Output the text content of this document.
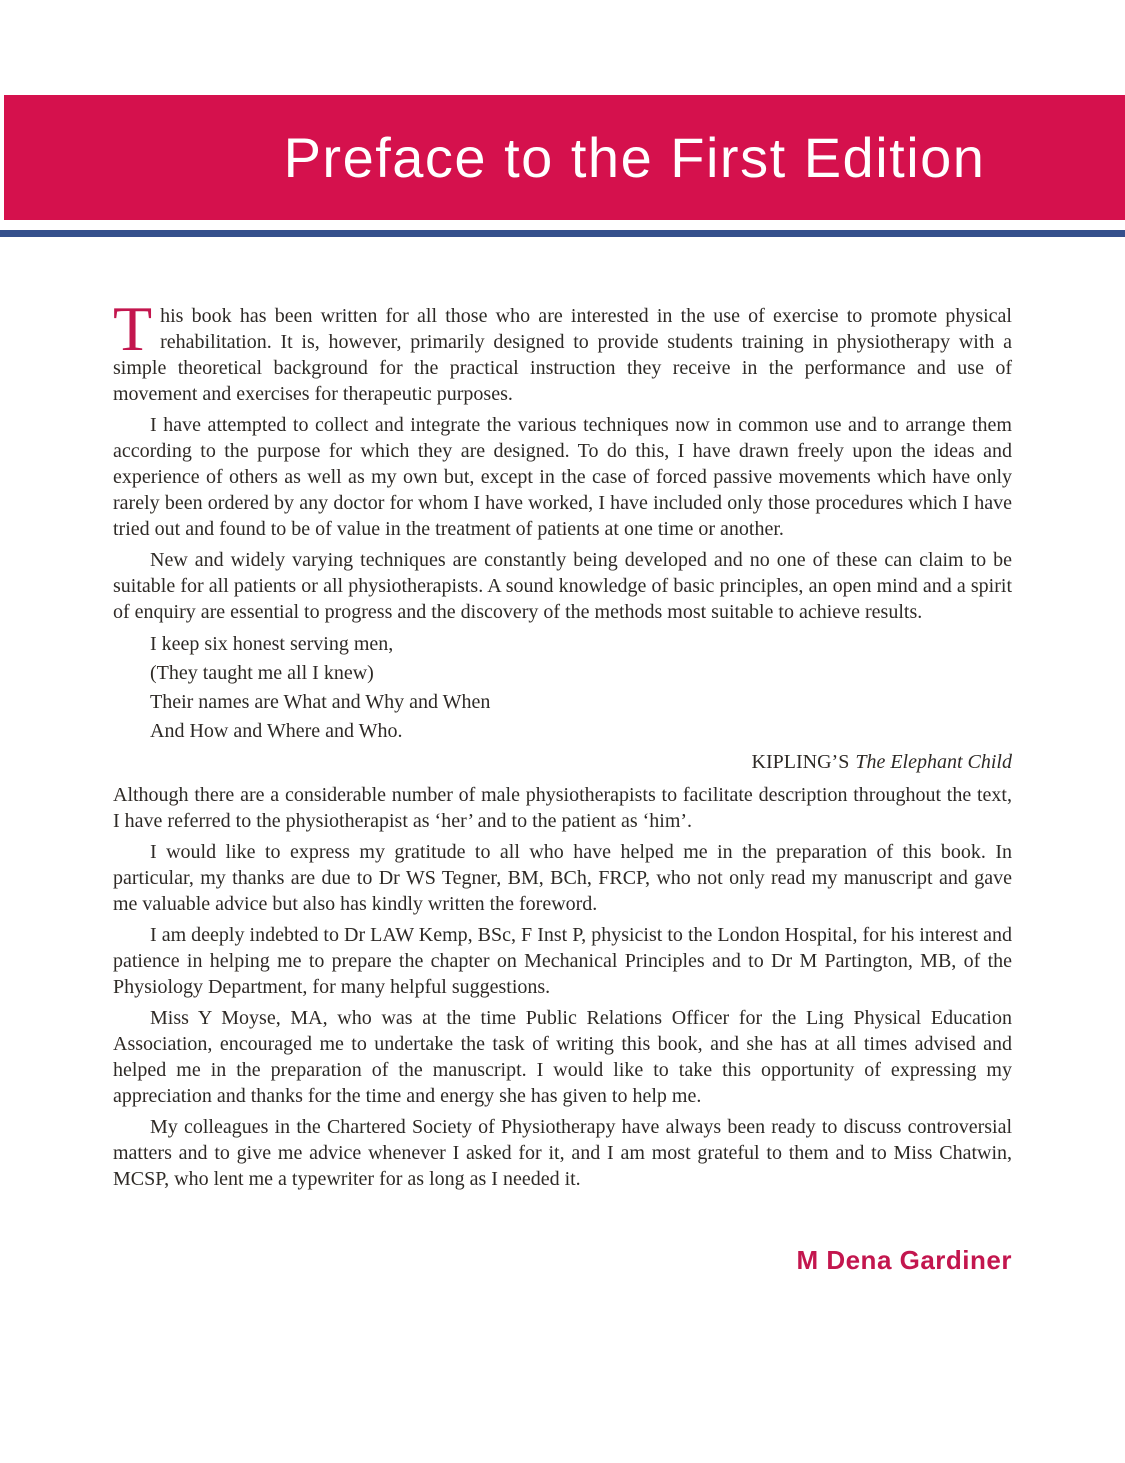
Preface to the First Edition

This book has been written for all those who are interested in the use of exercise to promote physical rehabilitation. It is, however, primarily designed to provide students training in physiotherapy with a simple theoretical background for the practical instruction they receive in the performance and use of movement and exercises for therapeutic purposes.

I have attempted to collect and integrate the various techniques now in common use and to arrange them according to the purpose for which they are designed. To do this, I have drawn freely upon the ideas and experience of others as well as my own but, except in the case of forced passive movements which have only rarely been ordered by any doctor for whom I have worked, I have included only those procedures which I have tried out and found to be of value in the treatment of patients at one time or another.

New and widely varying techniques are constantly being developed and no one of these can claim to be suitable for all patients or all physiotherapists. A sound knowledge of basic principles, an open mind and a spirit of enquiry are essential to progress and the discovery of the methods most suitable to achieve results.

I keep six honest serving men,

(They taught me all I knew)

Their names are What and Why and When

And How and Where and Who.

KIPLING’S The Elephant Child

Although there are a considerable number of male physiotherapists to facilitate description throughout the text, I have referred to the physiotherapist as ‘her’ and to the patient as ‘him’.

I would like to express my gratitude to all who have helped me in the preparation of this book. In particular, my thanks are due to Dr WS Tegner, BM, BCh, FRCP, who not only read my manuscript and gave me valuable advice but also has kindly written the foreword.

I am deeply indebted to Dr LAW Kemp, BSc, F Inst P, physicist to the London Hospital, for his interest and patience in helping me to prepare the chapter on Mechanical Principles and to Dr M Partington, MB, of the Physiology Department, for many helpful suggestions.

Miss Y Moyse, MA, who was at the time Public Relations Officer for the Ling Physical Education Association, encouraged me to undertake the task of writing this book, and she has at all times advised and helped me in the preparation of the manuscript. I would like to take this opportunity of expressing my appreciation and thanks for the time and energy she has given to help me.

My colleagues in the Chartered Society of Physiotherapy have always been ready to discuss controversial matters and to give me advice whenever I asked for it, and I am most grateful to them and to Miss Chatwin, MCSP, who lent me a typewriter for as long as I needed it.

M Dena Gardiner
